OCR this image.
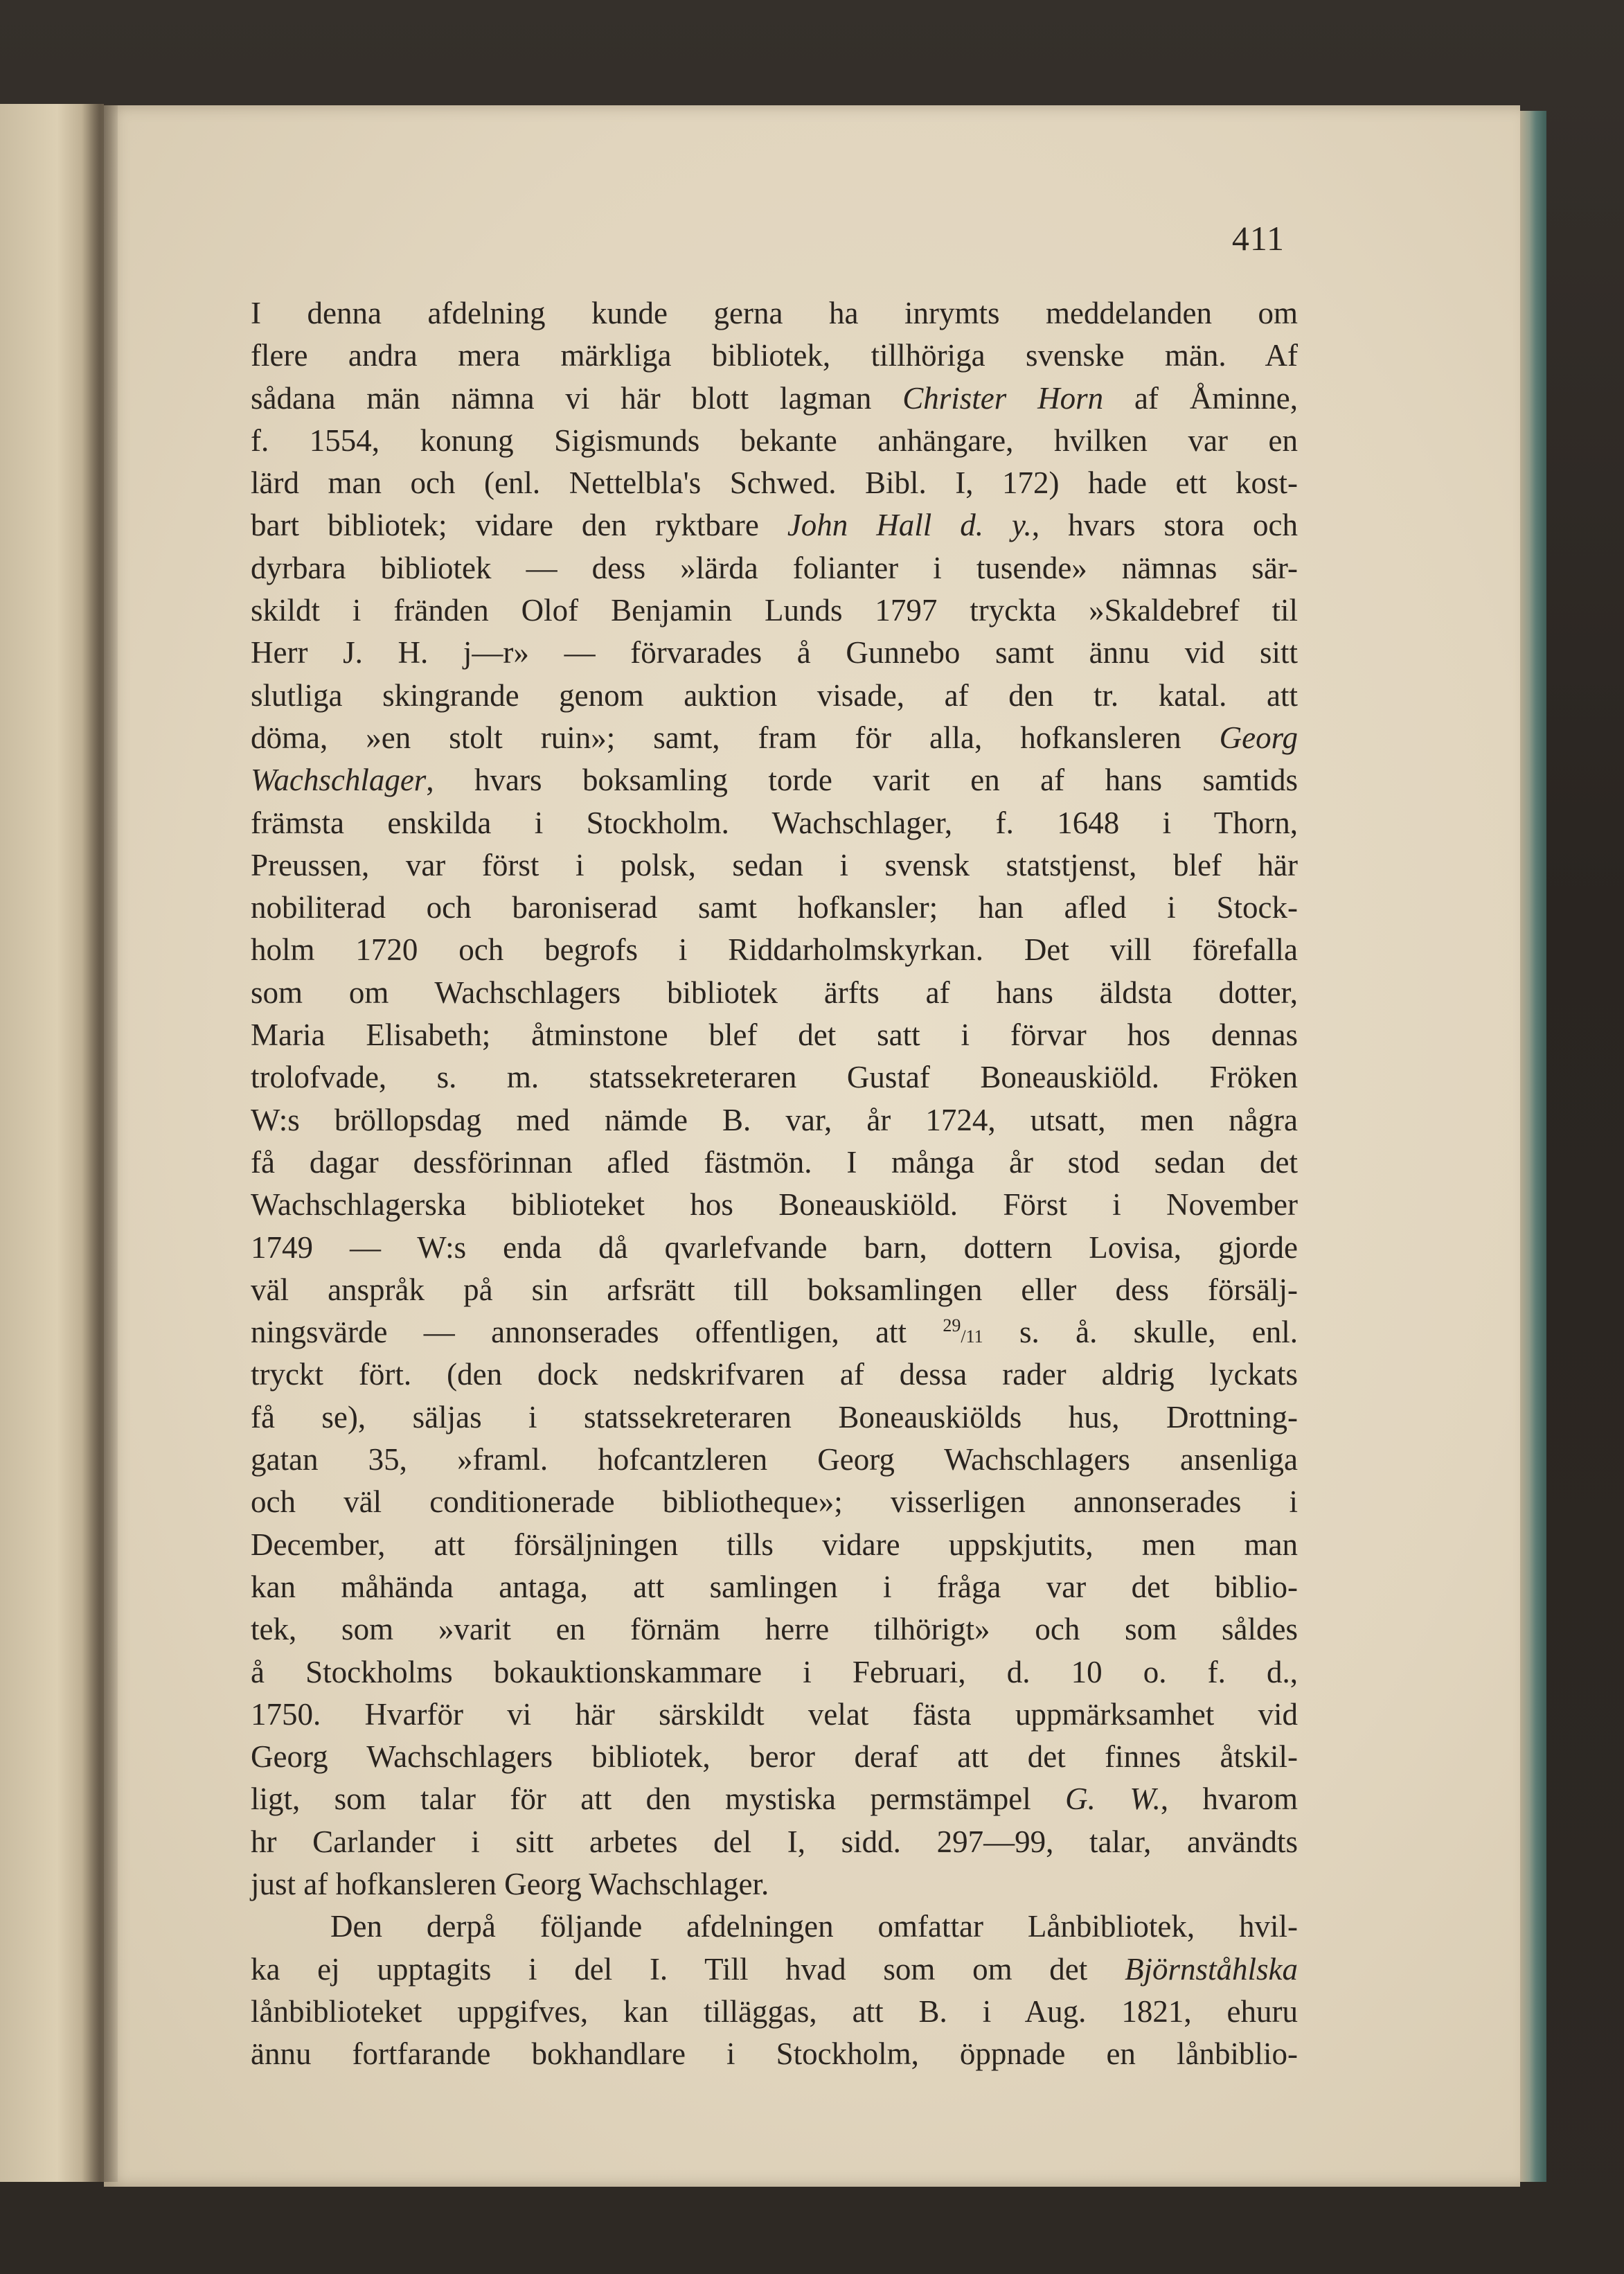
411
I denna afdelning kunde gerna ha inrymts meddelanden om
flere andra mera märkliga bibliotek, tillhöriga svenske män. Af
sådana män nämna vi här blott lagman Christer Horn af Åminne,
f. 1554, konung Sigismunds bekante anhängare, hvilken var en
lärd man och (enl. Nettelbla's Schwed. Bibl. I, 172) hade ett kost-
bart bibliotek; vidare den ryktbare John Hall d. y., hvars stora och
dyrbara bibliotek — dess »lärda folianter i tusende» nämnas sär-
skildt i fränden Olof Benjamin Lunds 1797 tryckta »Skaldebref til
Herr J. H. j—r» — förvarades å Gunnebo samt ännu vid sitt
slutliga skingrande genom auktion visade, af den tr. katal. att
döma, »en stolt ruin»; samt, fram för alla, hofkansleren Georg
Wachschlager, hvars boksamling torde varit en af hans samtids
främsta enskilda i Stockholm. Wachschlager, f. 1648 i Thorn,
Preussen, var först i polsk, sedan i svensk statstjenst, blef här
nobiliterad och baroniserad samt hofkansler; han afled i Stock-
holm 1720 och begrofs i Riddarholmskyrkan. Det vill förefalla
som om Wachschlagers bibliotek ärfts af hans äldsta dotter,
Maria Elisabeth; åtminstone blef det satt i förvar hos dennas
trolofvade, s. m. statssekreteraren Gustaf Boneauskiöld. Fröken
W:s bröllopsdag med nämde B. var, år 1724, utsatt, men några
få dagar dessförinnan afled fästmön. I många år stod sedan det
Wachschlagerska biblioteket hos Boneauskiöld. Först i November
1749 — W:s enda då qvarlefvande barn, dottern Lovisa, gjorde
väl anspråk på sin arfsrätt till boksamlingen eller dess försälj-
ningsvärde — annonserades offentligen, att $^{29}$/11 s. å. skulle, enl.
tryckt fört. (den dock nedskrifvaren af dessa rader aldrig lyckats
få se), säljas i statssekreteraren Boneauskiölds hus, Drottning-
gatan 35, »framl. hofcantzleren Georg Wachschlagers ansenliga
och väl conditionerade bibliotheque»; visserligen annonserades i
December, att försäljningen tills vidare uppskjutits, men man
kan måhända antaga, att samlingen i fråga var det biblio-
tek, som »varit en förnäm herre tilhörigt» och som såldes
å Stockholms bokauktionskammare i Februari, d. 10 o. f. d.,
1750. Hvarför vi här särskildt velat fästa uppmärksamhet vid
Georg Wachschlagers bibliotek, beror deraf att det finnes åtskil-
ligt, som talar för att den mystiska permstämpel G. W., hvarom
hr Carlander i sitt arbetes del I, sidd. 297—99, talar, användts
just af hofkansleren Georg Wachschlager.
Den derpå följande afdelningen omfattar Lånbibliotek, hvil-
ka ej upptagits i del I. Till hvad som om det Björnståhlska
lånbiblioteket uppgifves, kan tilläggas, att B. i Aug. 1821, ehuru
ännu fortfarande bokhandlare i Stockholm, öppnade en lånbiblio-
